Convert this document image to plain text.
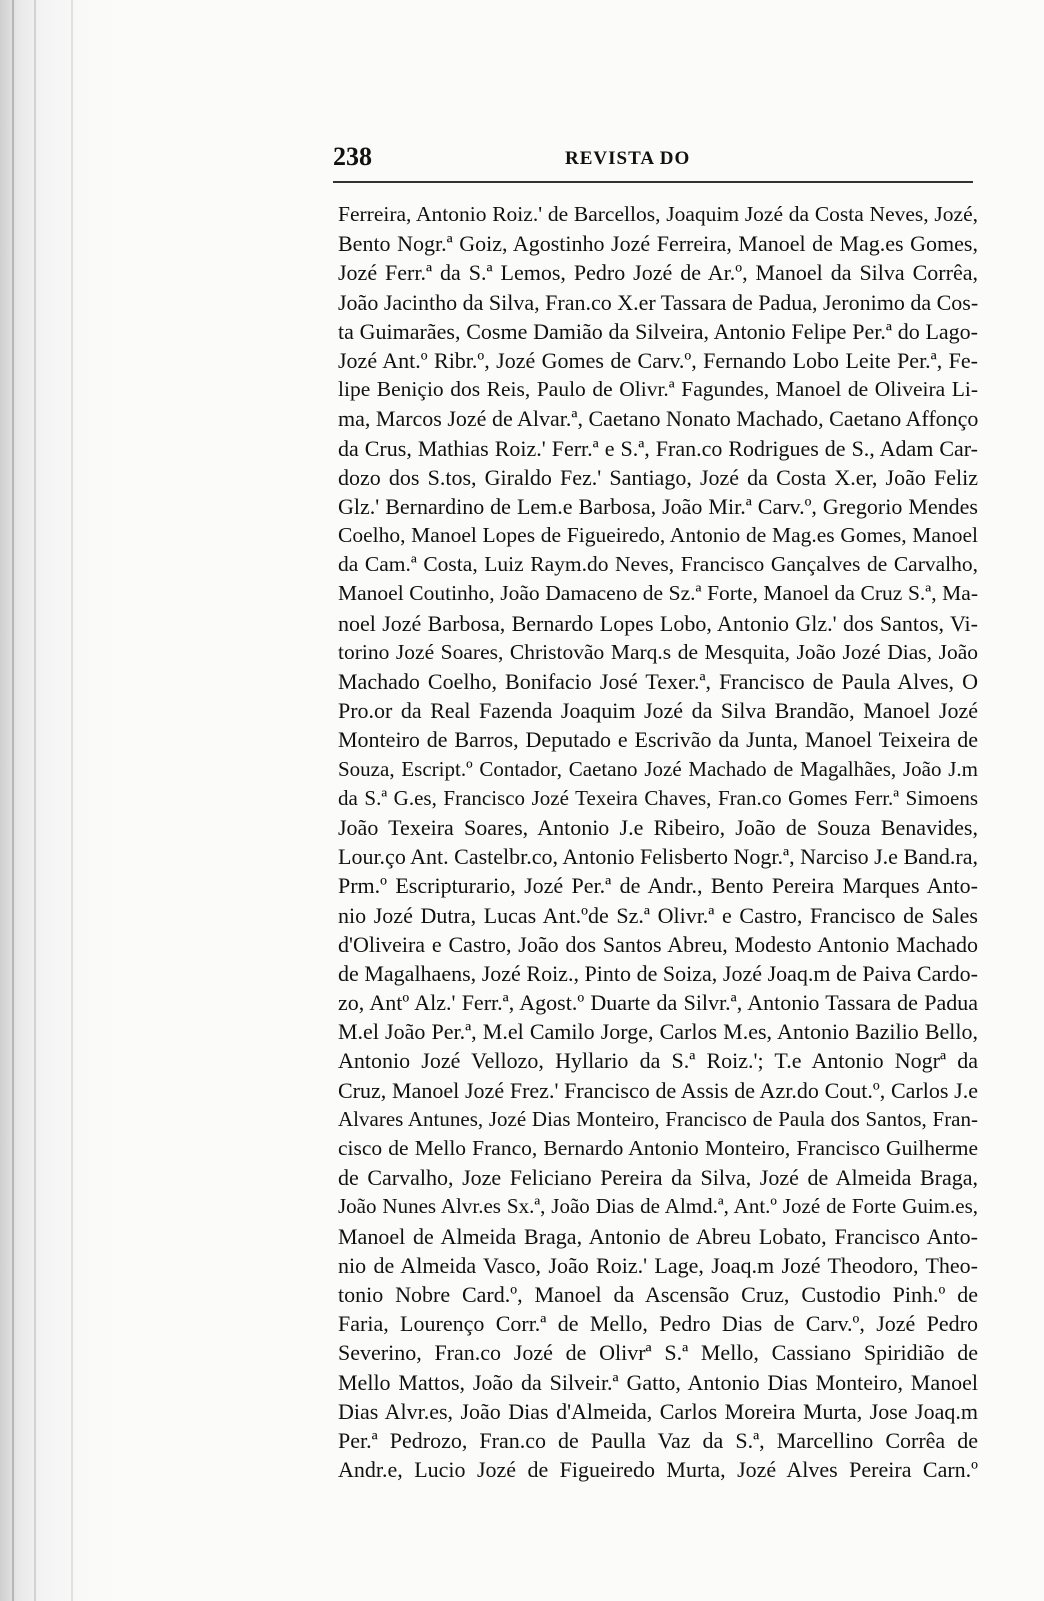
238	REVISTA DO
Ferreira, Antonio Roiz.' de Barcellos, Joaquim Jozé da Costa Neves, Jozé,
Bento Nogr.ª Goiz, Agostinho Jozé Ferreira, Manoel de Mag.es Gomes,
Jozé Ferr.ª da S.ª Lemos, Pedro Jozé de Ar.º, Manoel da Silva Corrêa,
João Jacintho da Silva, Fran.co X.er Tassara de Padua, Jeronimo da Cos-
ta Guimarães, Cosme Damião da Silveira, Antonio Felipe Per.ª do Lago-
Jozé Ant.º Ribr.º, Jozé Gomes de Carv.º, Fernando Lobo Leite Per.ª, Fe-
lipe Beniçio dos Reis, Paulo de Olivr.ª Fagundes, Manoel de Oliveira Li-
ma, Marcos Jozé de Alvar.ª, Caetano Nonato Machado, Caetano Affonço
da Crus, Mathias Roiz.' Ferr.ª e S.ª, Fran.co Rodrigues de S., Adam Car-
dozo dos S.tos, Giraldo Fez.' Santiago, Jozé da Costa X.er, João Feliz
Glz.' Bernardino de Lem.e Barbosa, João Mir.ª Carv.º, Gregorio Mendes
Coelho, Manoel Lopes de Figueiredo, Antonio de Mag.es Gomes, Manoel
da Cam.ª Costa, Luiz Raym.do Neves, Francisco Gançalves de Carvalho,
Manoel Coutinho, João Damaceno de Sz.ª Forte, Manoel da Cruz S.ª, Ma-
noel Jozé Barbosa, Bernardo Lopes Lobo, Antonio Glz.' dos Santos, Vi-
torino Jozé Soares, Christovão Marq.s de Mesquita, João Jozé Dias, João
Machado Coelho, Bonifacio José Texer.ª, Francisco de Paula Alves, O
Pro.or da Real Fazenda Joaquim Jozé da Silva Brandão, Manoel Jozé
Monteiro de Barros, Deputado e Escrivão da Junta, Manoel Teixeira de
Souza, Escript.º Contador, Caetano Jozé Machado de Magalhães, João J.m
da S.ª G.es, Francisco Jozé Texeira Chaves, Fran.co Gomes Ferr.ª Simoens
João Texeira Soares, Antonio J.e Ribeiro, João de Souza Benavides,
Lour.ço Ant. Castelbr.co, Antonio Felisberto Nogr.ª, Narciso J.e Band.ra,
Prm.º Escripturario, Jozé Per.ª de Andr., Bento Pereira Marques Anto-
nio Jozé Dutra, Lucas Ant.ºde Sz.ª Olivr.ª e Castro, Francisco de Sales
d'Oliveira e Castro, João dos Santos Abreu, Modesto Antonio Machado
de Magalhaens, Jozé Roiz., Pinto de Soiza, Jozé Joaq.m de Paiva Cardo-
zo, Antº Alz.' Ferr.ª, Agost.º Duarte da Silvr.ª, Antonio Tassara de Padua
M.el João Per.ª, M.el Camilo Jorge, Carlos M.es, Antonio Bazilio Bello,
Antonio Jozé Vellozo, Hyllario da S.ª Roiz.'; T.e Antonio Nogrª da
Cruz, Manoel Jozé Frez.' Francisco de Assis de Azr.do Cout.º, Carlos J.e
Alvares Antunes, Jozé Dias Monteiro, Francisco de Paula dos Santos, Fran-
cisco de Mello Franco, Bernardo Antonio Monteiro, Francisco Guilherme
de Carvalho, Joze Feliciano Pereira da Silva, Jozé de Almeida Braga,
João Nunes Alvr.es Sx.ª, João Dias de Almd.ª, Ant.º Jozé de Forte Guim.es,
Manoel de Almeida Braga, Antonio de Abreu Lobato, Francisco Anto-
nio de Almeida Vasco, João Roiz.' Lage, Joaq.m Jozé Theodoro, Theo-
tonio Nobre Card.º, Manoel da Ascensão Cruz, Custodio Pinh.º de
Faria, Lourenço Corr.ª de Mello, Pedro Dias de Carv.º, Jozé Pedro
Severino, Fran.co Jozé de Olivrª S.ª Mello, Cassiano Spiridião de
Mello Mattos, João da Silveir.ª Gatto, Antonio Dias Monteiro, Manoel
Dias Alvr.es, João Dias d'Almeida, Carlos Moreira Murta, Jose Joaq.m
Per.ª Pedrozo, Fran.co de Paulla Vaz da S.ª, Marcellino Corrêa de
Andr.e, Lucio Jozé de Figueiredo Murta, Jozé Alves Pereira Carn.º
